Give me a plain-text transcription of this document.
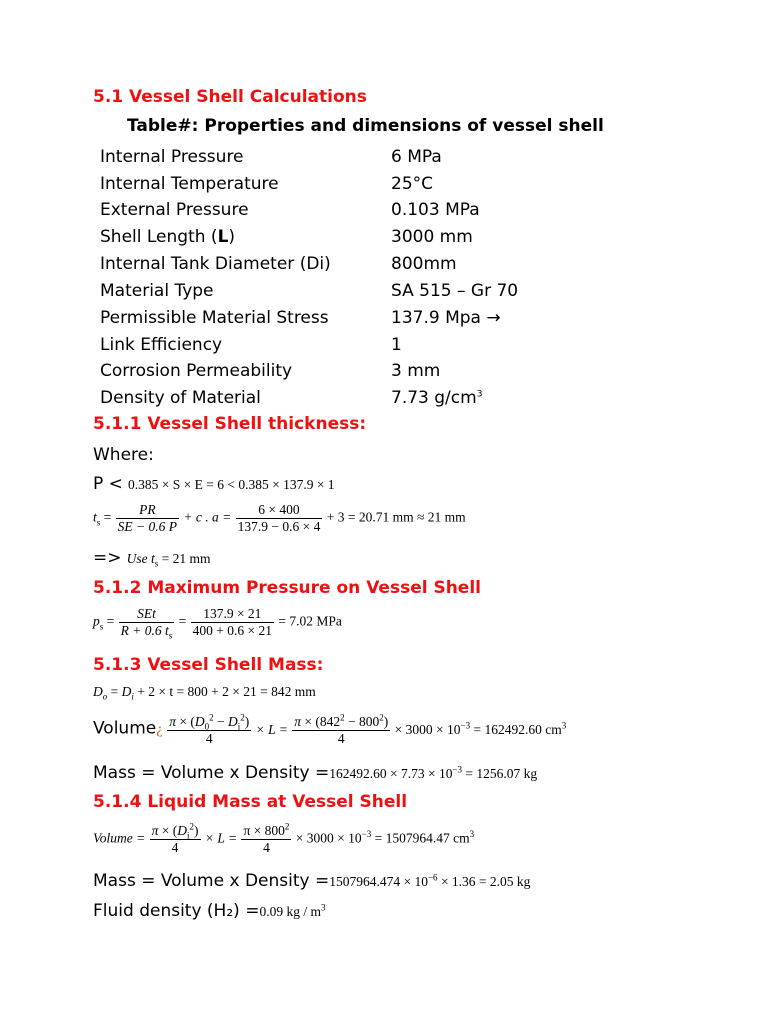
5.1 Vessel Shell Calculations
Table#: Properties and dimensions of vessel shell
Internal Pressure	6 MPa
Internal Temperature	25°C
External Pressure	0.103 MPa
Shell Length (L)	3000 mm
Internal Tank Diameter (Di)	800mm
Material Type	SA 515 – Gr 70
Permissible Material Stress	137.9 Mpa →
Link Efficiency	1
Corrosion Permeability	3 mm
Density of Material	7.73 $g/cm^3$
5.1.1 Vessel Shell thickness:
Where:
P < 0.385 × S × E = 6 < 0.385 × 137.9 × 1
$t_s = \frac{PR}{SE - 0.6 P} + c$ . $a = \frac{6 \times 400}{137.9 - 0.6 \times 4} + 3 = 20.71$ mm ≈ 21 mm
=> Use $t_s = 21$ mm
5.1.2 Maximum Pressure on Vessel Shell
$p_s = \frac{\text{SEt}}{R + 0.6 t_s} = \frac{137.9 \times 21}{400 + 0.6 \times 21} = 7.02$ MPa
5.1.3 Vessel Shell Mass:
$D_o = D_i + 2 \times t = 800 + 2 \times 21 = 842$ mm
Volume¿ $\frac{\pi \times (D_0^2 - D_i^2)}{4} \times L = \frac{\pi \times (842^2 - 800^2)}{4} \times 3000 \times 10^{-3} = 162492.60$ $cm^3$
Mass = Volume x Density $=162492.60 \times 7.73 \times 10^{-3} = 1256.07$ kg
5.1.4 Liquid Mass at Vessel Shell
Volume = $\frac{\pi \times (D_i^2)}{4} \times L = \frac{\pi \times 800^2}{4} \times 3000 \times 10^{-3} = 1507964.47$ $cm^3$
Mass = Volume x Density $=1507964.474 \times 10^{-6} \times 1.36 = 2.05$ kg
Fluid density (H₂) =0.09 kg / $m^3$
